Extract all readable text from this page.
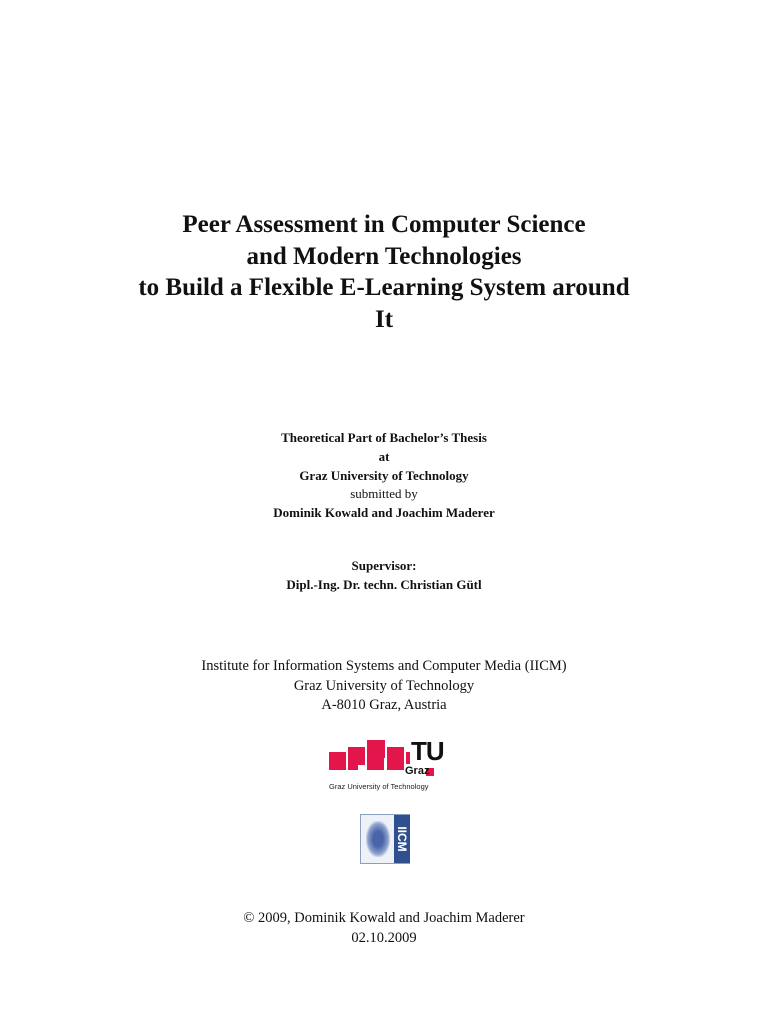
Peer Assessment in Computer Science
and Modern Technologies
to Build a Flexible E-Learning System around
It
Theoretical Part of Bachelor’s Thesis
at
Graz University of Technology
submitted by
Dominik Kowald and Joachim Maderer
Supervisor:
Dipl.-Ing. Dr. techn. Christian Gütl
Institute for Information Systems and Computer Media (IICM)
Graz University of Technology
A-8010 Graz, Austria
TU
Graz
Graz University of Technology
IICM
© 2009, Dominik Kowald and Joachim Maderer
02.10.2009
